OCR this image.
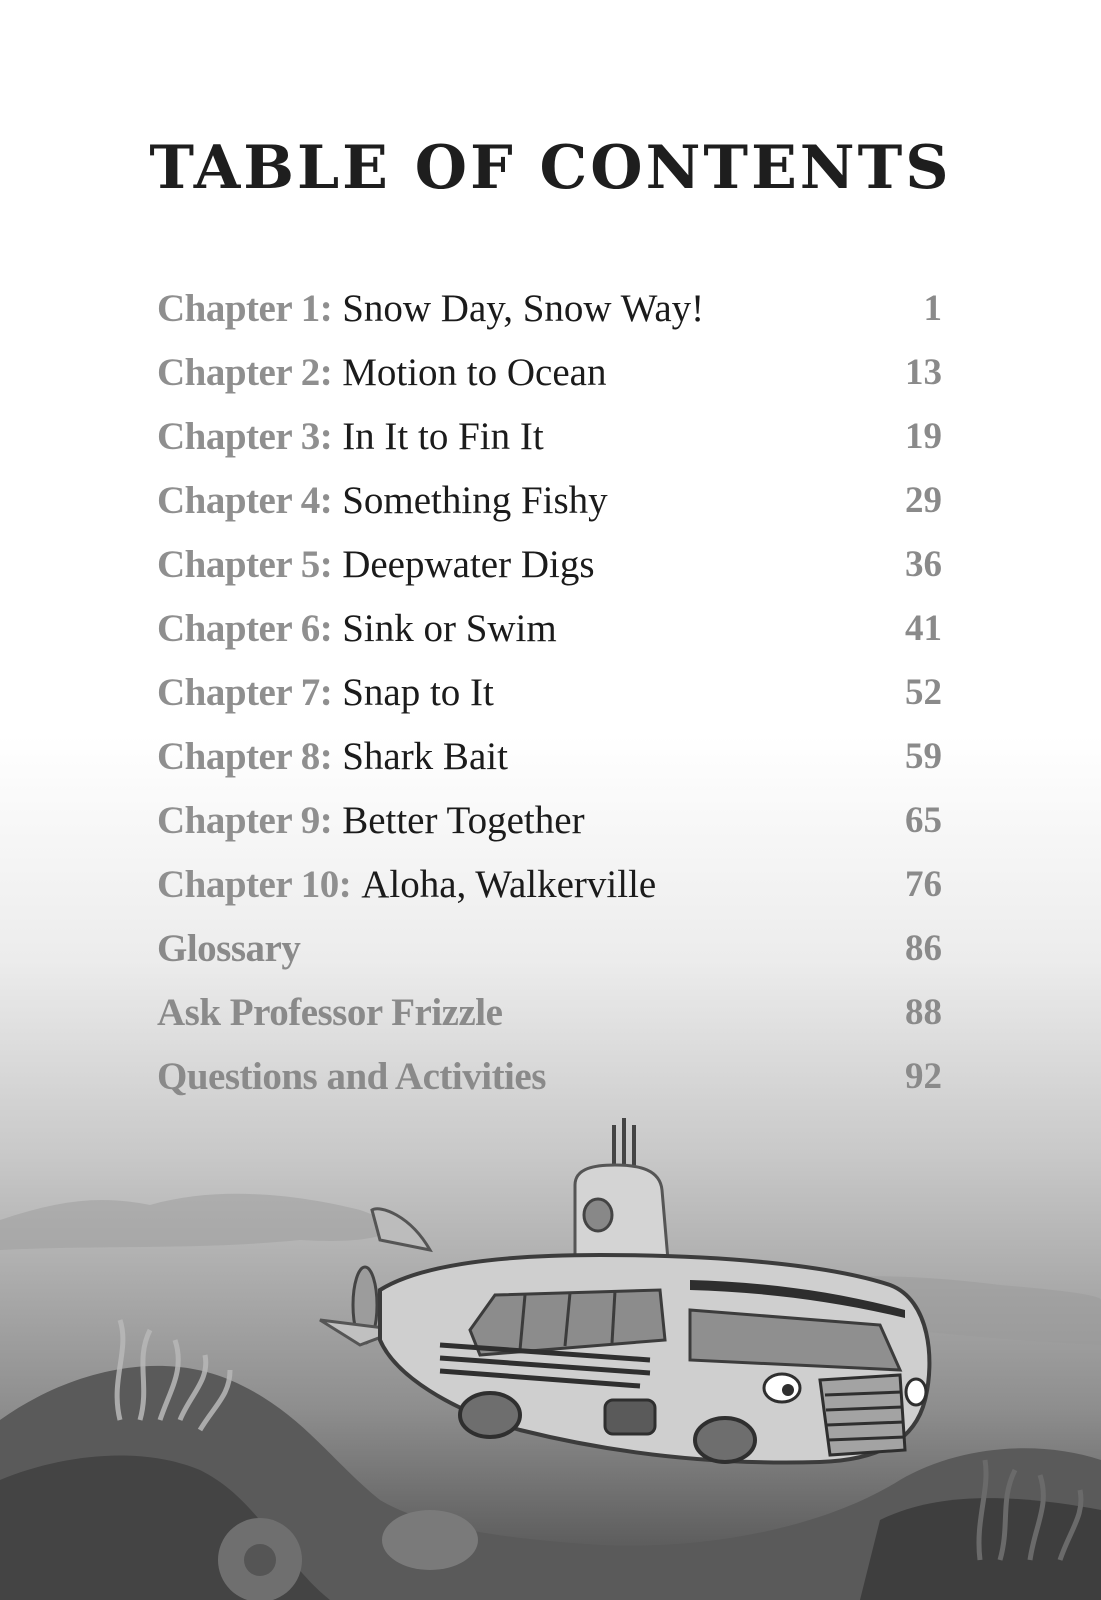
TABLE OF CONTENTS
Chapter 1: Snow Day, Snow Way!	1
Chapter 2: Motion to Ocean	13
Chapter 3: In It to Fin It	19
Chapter 4: Something Fishy	29
Chapter 5: Deepwater Digs	36
Chapter 6: Sink or Swim	41
Chapter 7: Snap to It	52
Chapter 8: Shark Bait	59
Chapter 9: Better Together	65
Chapter 10: Aloha, Walkerville	76
Glossary	86
Ask Professor Frizzle	88
Questions and Activities	92
